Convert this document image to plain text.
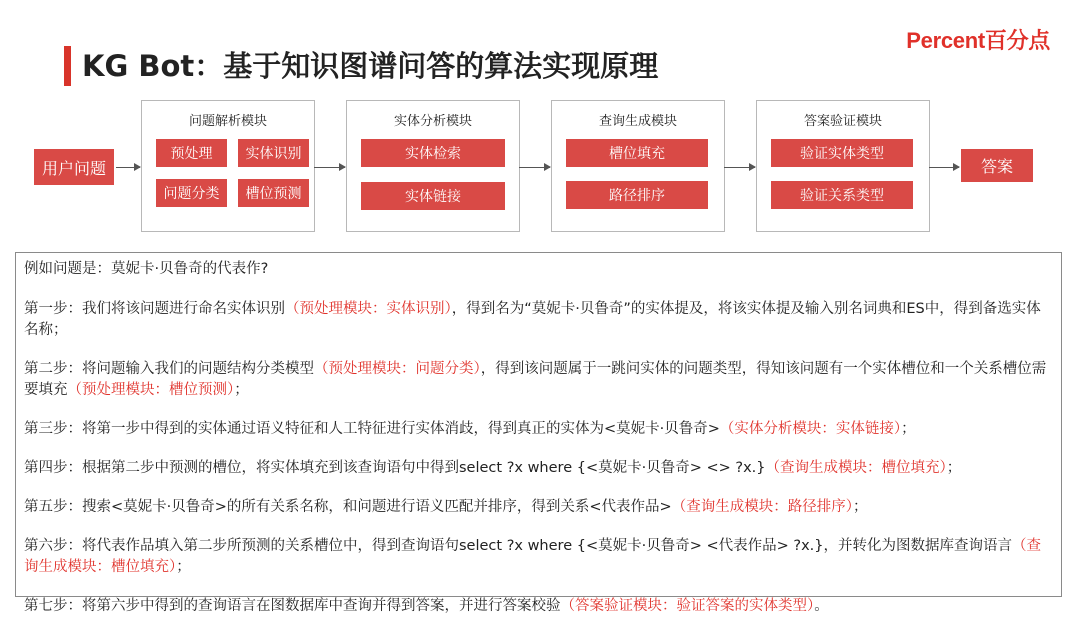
KG Bot：基于知识图谱问答的算法实现原理
Percent百分点
用户问题
问题解析模块
预处理	实体识别
问题分类	槽位预测
实体分析模块
实体检索
实体链接
查询生成模块
槽位填充
路径排序
答案验证模块
验证实体类型
验证关系类型
答案
例如问题是：莫妮卡·贝鲁奇的代表作?
第一步：我们将该问题进行命名实体识别（预处理模块：实体识别），得到名为“莫妮卡·贝鲁奇”的实体提及，将该实体提及输入别名词典和ES中，得到备选实体名称；
第二步：将问题输入我们的问题结构分类模型（预处理模块：问题分类），得到该问题属于一跳问实体的问题类型，得知该问题有一个实体槽位和一个关系槽位需要填充（预处理模块：槽位预测）；
第三步：将第一步中得到的实体通过语义特征和人工特征进行实体消歧，得到真正的实体为<莫妮卡·贝鲁奇>（实体分析模块：实体链接）；
第四步：根据第二步中预测的槽位，将实体填充到该查询语句中得到select ?x where {<莫妮卡·贝鲁奇> <> ?x.}（查询生成模块：槽位填充）；
第五步：搜索<莫妮卡·贝鲁奇>的所有关系名称，和问题进行语义匹配并排序，得到关系<代表作品>（查询生成模块：路径排序）；
第六步：将代表作品填入第二步所预测的关系槽位中，得到查询语句select ?x where {<莫妮卡·贝鲁奇> <代表作品> ?x.}，并转化为图数据库查询语言（查询生成模块：槽位填充）；
第七步：将第六步中得到的查询语言在图数据库中查询并得到答案，并进行答案校验（答案验证模块：验证答案的实体类型）。
